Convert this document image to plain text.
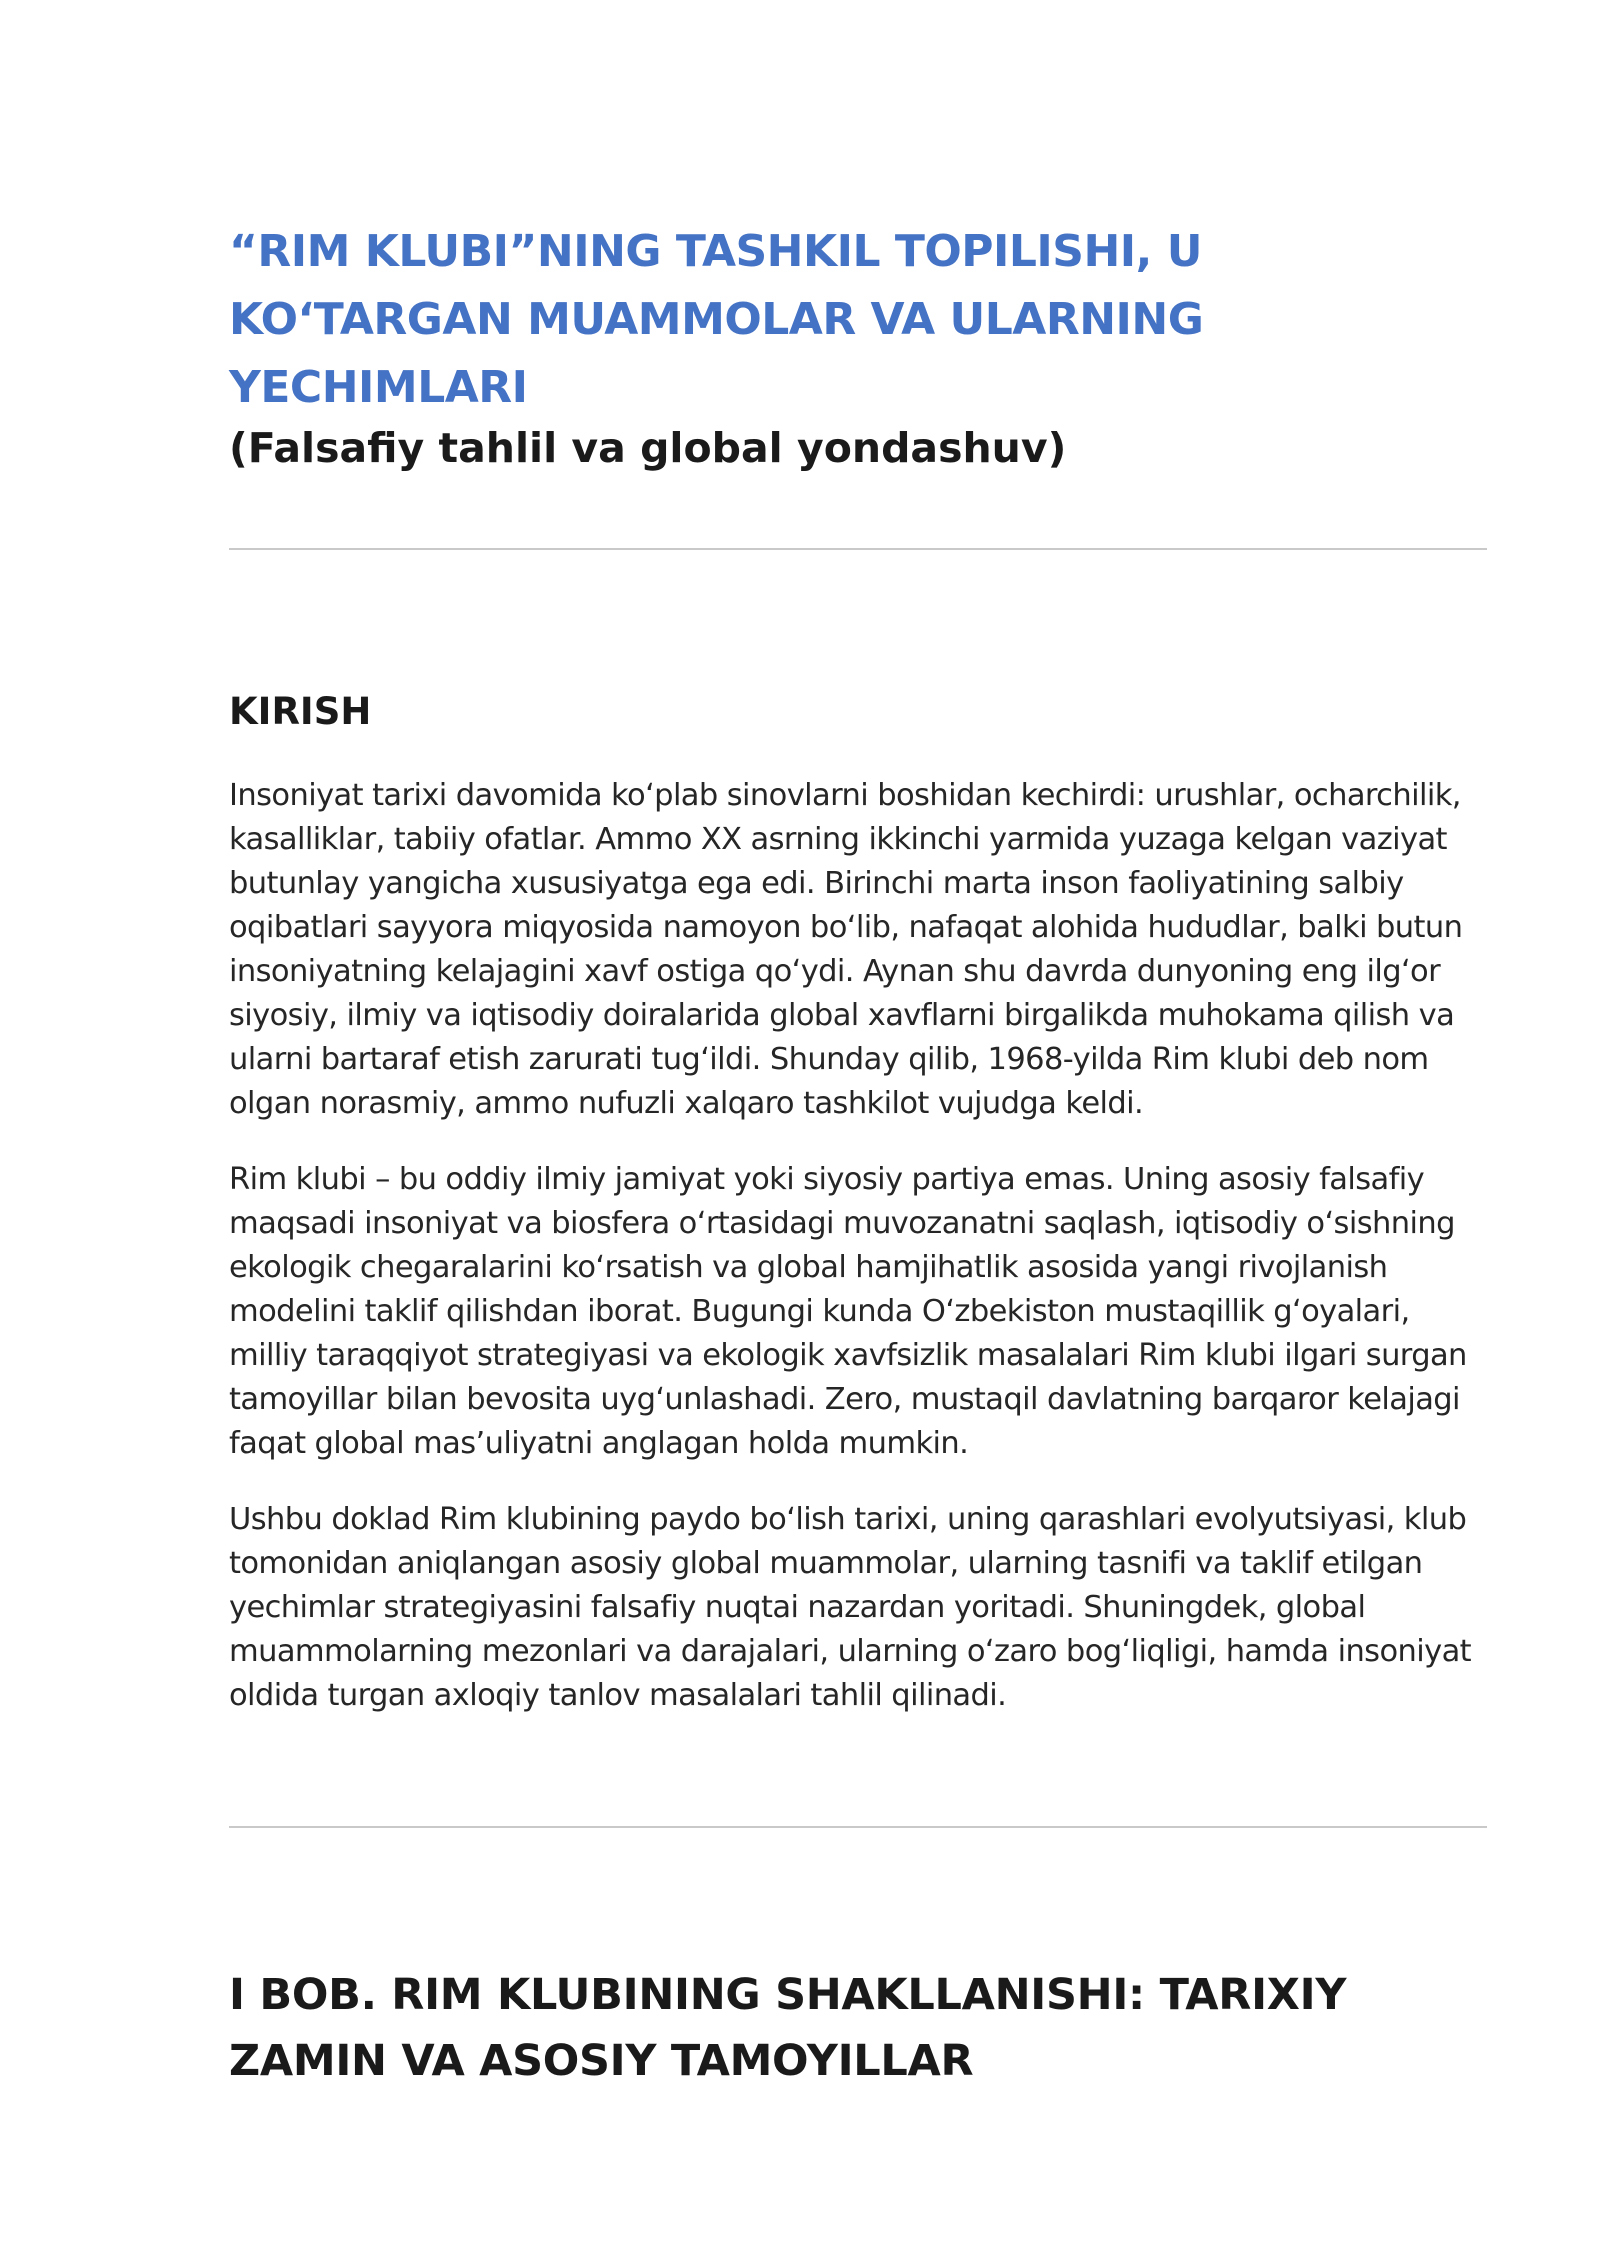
“RIM KLUBI”NING TASHKIL TOPILISHI, U KOʻTARGAN MUAMMOLAR VA ULARNING YECHIMLARI
(Falsafiy tahlil va global yondashuv)
KIRISH

Insoniyat tarixi davomida koʻplab sinovlarni boshidan kechirdi: urushlar, ocharchilik, kasalliklar, tabiiy ofatlar. Ammo XX asrning ikkinchi yarmida yuzaga kelgan vaziyat butunlay yangicha xususiyatga ega edi. Birinchi marta inson faoliyatining salbiy oqibatlari sayyora miqyosida namoyon boʻlib, nafaqat alohida hududlar, balki butun insoniyatning kelajagini xavf ostiga qoʻydi. Aynan shu davrda dunyoning eng ilgʻor siyosiy, ilmiy va iqtisodiy doiralarida global xavflarni birgalikda muhokama qilish va ularni bartaraf etish zarurati tugʻildi. Shunday qilib, 1968-yilda Rim klubi deb nom olgan norasmiy, ammo nufuzli xalqaro tashkilot vujudga keldi.

Rim klubi – bu oddiy ilmiy jamiyat yoki siyosiy partiya emas. Uning asosiy falsafiy maqsadi insoniyat va biosfera oʻrtasidagi muvozanatni saqlash, iqtisodiy oʻsishning ekologik chegaralarini koʻrsatish va global hamjihatlik asosida yangi rivojlanish modelini taklif qilishdan iborat. Bugungi kunda Oʻzbekiston mustaqillik gʻoyalari, milliy taraqqiyot strategiyasi va ekologik xavfsizlik masalalari Rim klubi ilgari surgan tamoyillar bilan bevosita uygʻunlashadi. Zero, mustaqil davlatning barqaror kelajagi faqat global masʼuliyatni anglagan holda mumkin.

Ushbu doklad Rim klubining paydo boʻlish tarixi, uning qarashlari evolyutsiyasi, klub tomonidan aniqlangan asosiy global muammolar, ularning tasnifi va taklif etilgan yechimlar strategiyasini falsafiy nuqtai nazardan yoritadi. Shuningdek, global muammolarning mezonlari va darajalari, ularning oʻzaro bogʻliqligi, hamda insoniyat oldida turgan axloqiy tanlov masalalari tahlil qilinadi.

I BOB. RIM KLUBINING SHAKLLANISHI: TARIXIY ZAMIN VA ASOSIY TAMOYILLAR
